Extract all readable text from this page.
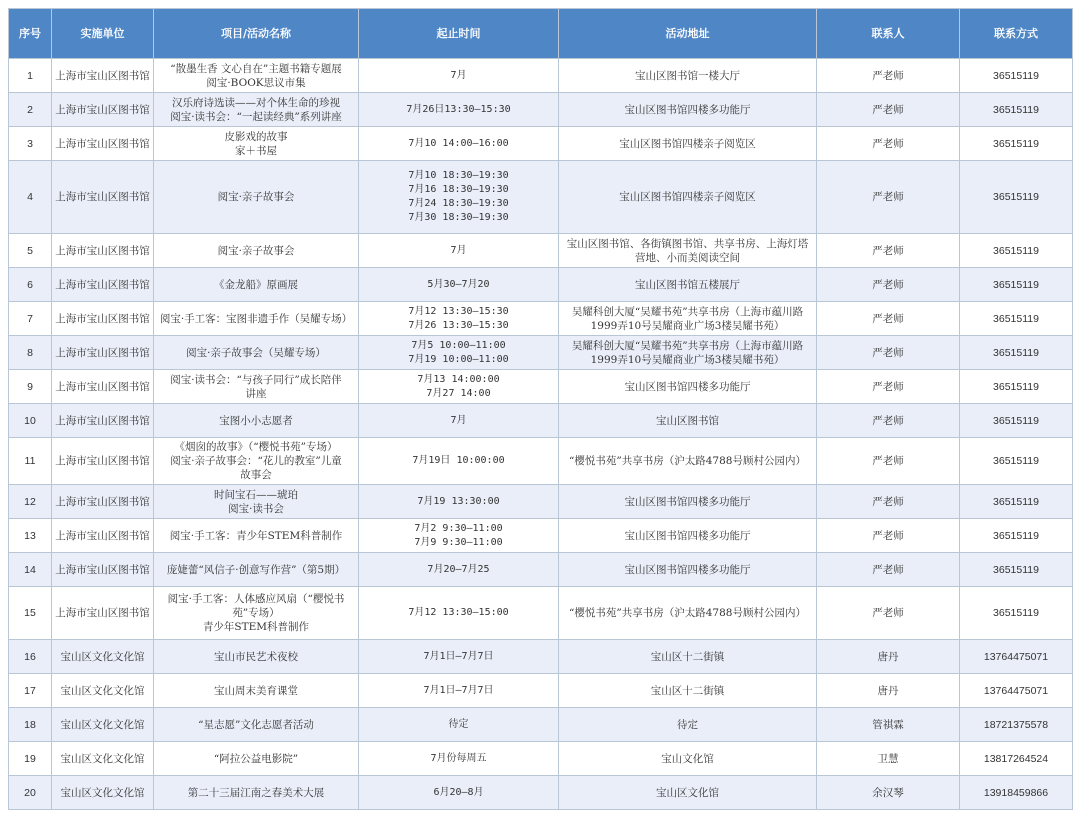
序号	实施单位	项目/活动名称	起止时间	活动地址	联系人	联系方式
1	上海市宝山区图书馆	“散墨生香 文心自在”主题书籍专题展
阅宝·BOOK思议市集	7月	宝山区图书馆一楼大厅	严老师	36515119
2	上海市宝山区图书馆	汉乐府诗选读——对个体生命的珍视
阅宝·读书会：“一起读经典”系列讲座	7月26日13:30–15:30	宝山区图书馆四楼多功能厅	严老师	36515119
3	上海市宝山区图书馆	皮影戏的故事
家＋书屋	7月10 14:00–16:00	宝山区图书馆四楼亲子阅览区	严老师	36515119
4	上海市宝山区图书馆	阅宝·亲子故事会	7月10 18:30–19:30
7月16 18:30–19:30
7月24 18:30–19:30
7月30 18:30–19:30	宝山区图书馆四楼亲子阅览区	严老师	36515119
5	上海市宝山区图书馆	阅宝·亲子故事会	7月	宝山区图书馆、各街镇图书馆、共享书房、上海灯塔
营地、小而美阅读空间	严老师	36515119
6	上海市宝山区图书馆	《金龙船》原画展	5月30–7月20	宝山区图书馆五楼展厅	严老师	36515119
7	上海市宝山区图书馆	阅宝·手工客：宝图非遗手作（吴耀专场）	7月12 13:30–15:30
7月26 13:30–15:30	吴耀科创大厦“吴耀书苑”共享书房（上海市蕴川路
1999弄10号吴耀商业广场3楼吴耀书苑）	严老师	36515119
8	上海市宝山区图书馆	阅宝·亲子故事会（吴耀专场）	7月5 10:00–11:00
7月19 10:00–11:00	吴耀科创大厦“吴耀书苑”共享书房（上海市蕴川路
1999弄10号吴耀商业广场3楼吴耀书苑）	严老师	36515119
9	上海市宝山区图书馆	阅宝·读书会：“与孩子同行”成长陪伴
讲座	7月13 14:00:00
7月27 14:00	宝山区图书馆四楼多功能厅	严老师	36515119
10	上海市宝山区图书馆	宝图小小志愿者	7月	宝山区图书馆	严老师	36515119
11	上海市宝山区图书馆	《烟囱的故事》（“樱悦书苑”专场）
阅宝·亲子故事会：“花儿的教室”儿童
故事会	7月19日 10:00:00	“樱悦书苑”共享书房（沪太路4788号顾村公园内）	严老师	36515119
12	上海市宝山区图书馆	时间宝石——琥珀
阅宝·读书会	7月19 13:30:00	宝山区图书馆四楼多功能厅	严老师	36515119
13	上海市宝山区图书馆	阅宝·手工客：青少年STEM科普制作	7月2 9:30—11:00
7月9 9:30—11:00	宝山区图书馆四楼多功能厅	严老师	36515119
14	上海市宝山区图书馆	庞婕蕾“风信子·创意写作营”（第5期）	7月20–7月25	宝山区图书馆四楼多功能厅	严老师	36515119
15	上海市宝山区图书馆	阅宝·手工客：人体感应风扇（“樱悦书
苑”专场）
青少年STEM科普制作	7月12 13:30—15:00	“樱悦书苑”共享书房（沪太路4788号顾村公园内）	严老师	36515119
16	宝山区文化文化馆	宝山市民艺术夜校	7月1日–7月7日	宝山区十二街镇	唐丹	13764475071
17	宝山区文化文化馆	宝山周末美育课堂	7月1日–7月7日	宝山区十二街镇	唐丹	13764475071
18	宝山区文化文化馆	“星志愿”文化志愿者活动	待定	待定	管祺霖	18721375578
19	宝山区文化文化馆	“阿拉公益电影院”	7月份每周五	宝山文化馆	卫慧	13817264524
20	宝山区文化文化馆	第二十三届江南之春美术大展	6月20–8月	宝山区文化馆	余汉琴	13918459866
